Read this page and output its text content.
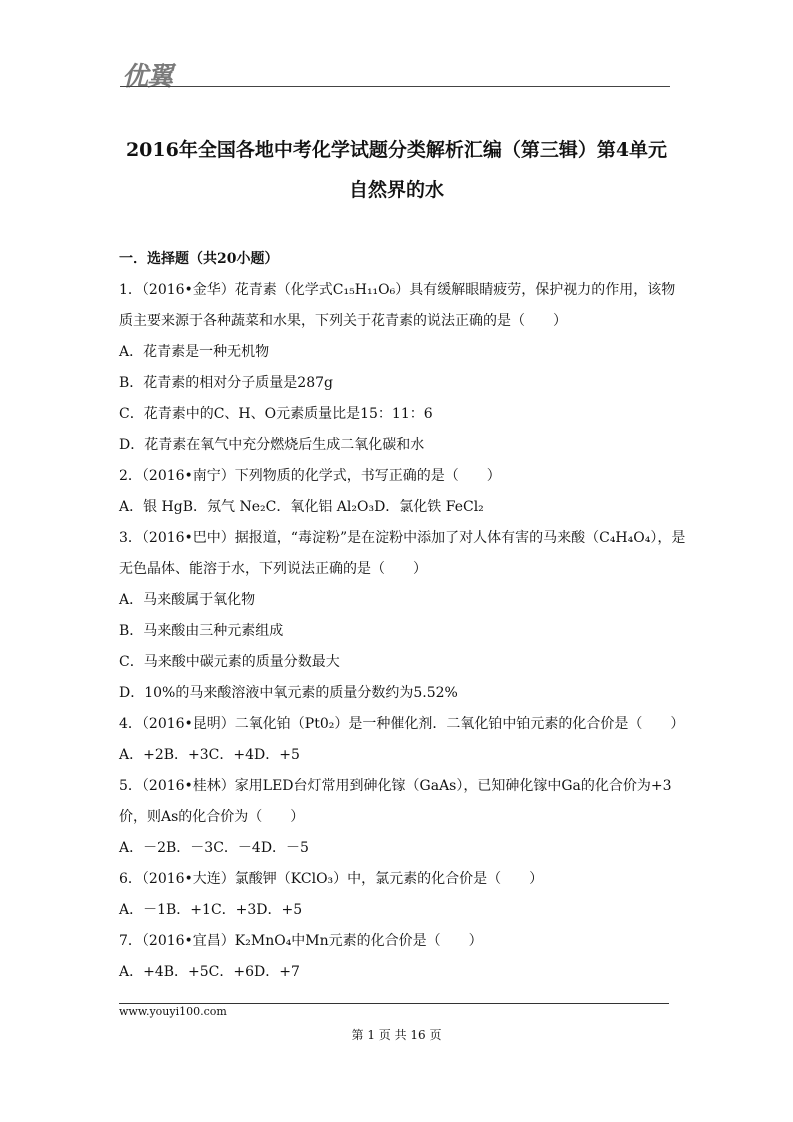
优翼
2016年全国各地中考化学试题分类解析汇编（第三辑）第4单元 自然界的水
一．选择题（共20小题）
1．（2016•金华）花青素（化学式C₁₅H₁₁O₆）具有缓解眼睛疲劳，保护视力的作用，该物
质主要来源于各种蔬菜和水果，下列关于花青素的说法正确的是（　　）
A．花青素是一种无机物
B．花青素的相对分子质量是287g
C．花青素中的C、H、O元素质量比是15：11：6
D．花青素在氧气中充分燃烧后生成二氧化碳和水
2．（2016•南宁）下列物质的化学式，书写正确的是（　　）
A．银 HgB．氖气 Ne₂C．氧化铝 Al₂O₃D．氯化铁 FeCl₂
3．（2016•巴中）据报道，“毒淀粉”是在淀粉中添加了对人体有害的马来酸（C₄H₄O₄），是
无色晶体、能溶于水，下列说法正确的是（　　）
A．马来酸属于氧化物
B．马来酸由三种元素组成
C．马来酸中碳元素的质量分数最大
D．10%的马来酸溶液中氧元素的质量分数约为5.52%
4．（2016•昆明）二氧化铂（Pt0₂）是一种催化剂．二氧化铂中铂元素的化合价是（　　）
A．+2B．+3C．+4D．+5
5．（2016•桂林）家用LED台灯常用到砷化镓（GaAs），已知砷化镓中Ga的化合价为+3
价，则As的化合价为（　　）
A．－2B．－3C．－4D．－5
6．（2016•大连）氯酸钾（KClO₃）中，氯元素的化合价是（　　）
A．－1B．+1C．+3D．+5
7．（2016•宜昌）K₂MnO₄中Mn元素的化合价是（　　）
A．+4B．+5C．+6D．+7
www.youyi100.com
第 1 页 共 16 页
